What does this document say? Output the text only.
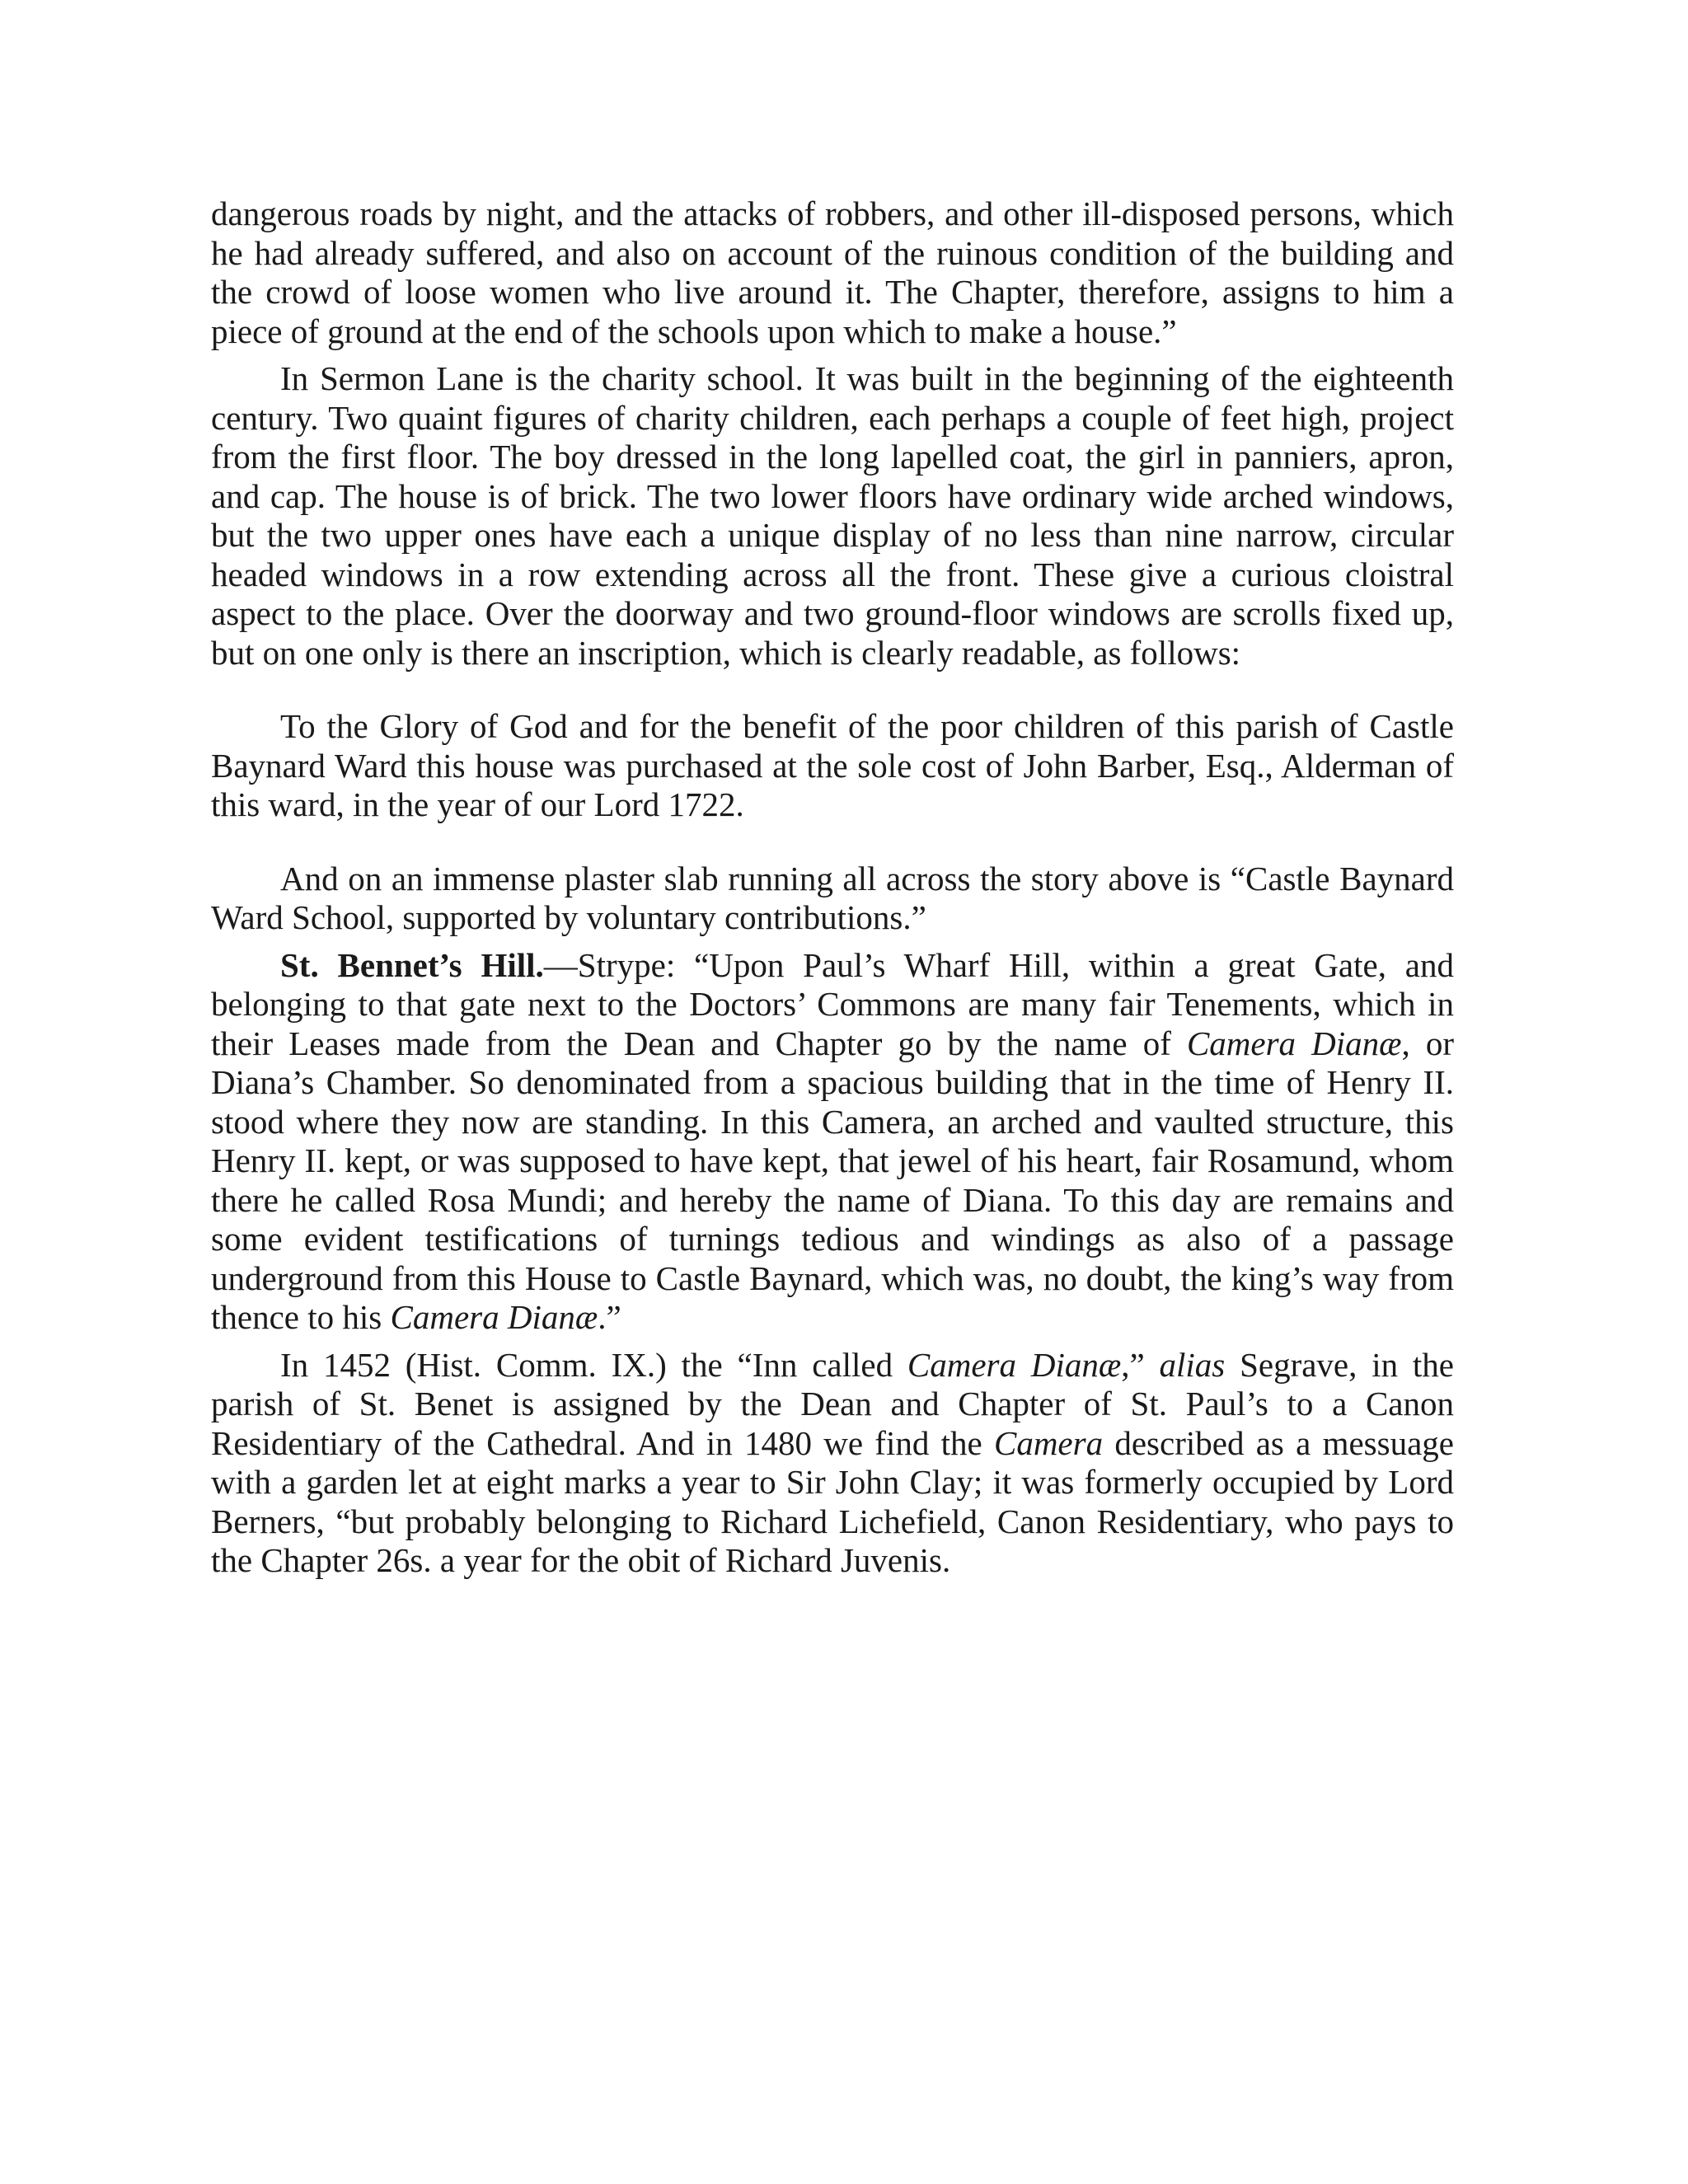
dangerous roads by night, and the attacks of robbers, and other ill-disposed persons, which he had already suffered, and also on account of the ruinous condition of the building and the crowd of loose women who live around it. The Chapter, therefore, assigns to him a piece of ground at the end of the schools upon which to make a house.”

In Sermon Lane is the charity school. It was built in the beginning of the eighteenth century. Two quaint figures of charity children, each perhaps a couple of feet high, project from the first floor. The boy dressed in the long lapelled coat, the girl in panniers, apron, and cap. The house is of brick. The two lower floors have ordinary wide arched windows, but the two upper ones have each a unique display of no less than nine narrow, circular headed windows in a row extending across all the front. These give a curious cloistral aspect to the place. Over the doorway and two ground-floor windows are scrolls fixed up, but on one only is there an inscription, which is clearly readable, as follows:

To the Glory of God and for the benefit of the poor children of this parish of Castle Baynard Ward this house was purchased at the sole cost of John Barber, Esq., Alderman of this ward, in the year of our Lord 1722.

And on an immense plaster slab running all across the story above is “Castle Baynard Ward School, supported by voluntary contributions.”

St. Bennet’s Hill.—Strype: “Upon Paul’s Wharf Hill, within a great Gate, and belonging to that gate next to the Doctors’ Commons are many fair Tenements, which in their Leases made from the Dean and Chapter go by the name of Camera Dianæ, or Diana’s Chamber. So denominated from a spacious building that in the time of Henry II. stood where they now are standing. In this Camera, an arched and vaulted structure, this Henry II. kept, or was supposed to have kept, that jewel of his heart, fair Rosamund, whom there he called Rosa Mundi; and hereby the name of Diana. To this day are remains and some evident testifications of turnings tedious and windings as also of a passage underground from this House to Castle Baynard, which was, no doubt, the king’s way from thence to his Camera Dianæ.”

In 1452 (Hist. Comm. IX.) the “Inn called Camera Dianæ,” alias Segrave, in the parish of St. Benet is assigned by the Dean and Chapter of St. Paul’s to a Canon Residentiary of the Cathedral. And in 1480 we find the Camera described as a messuage with a garden let at eight marks a year to Sir John Clay; it was formerly occupied by Lord Berners, “but probably belonging to Richard Lichefield, Canon Residentiary, who pays to the Chapter 26s. a year for the obit of Richard Juvenis.
